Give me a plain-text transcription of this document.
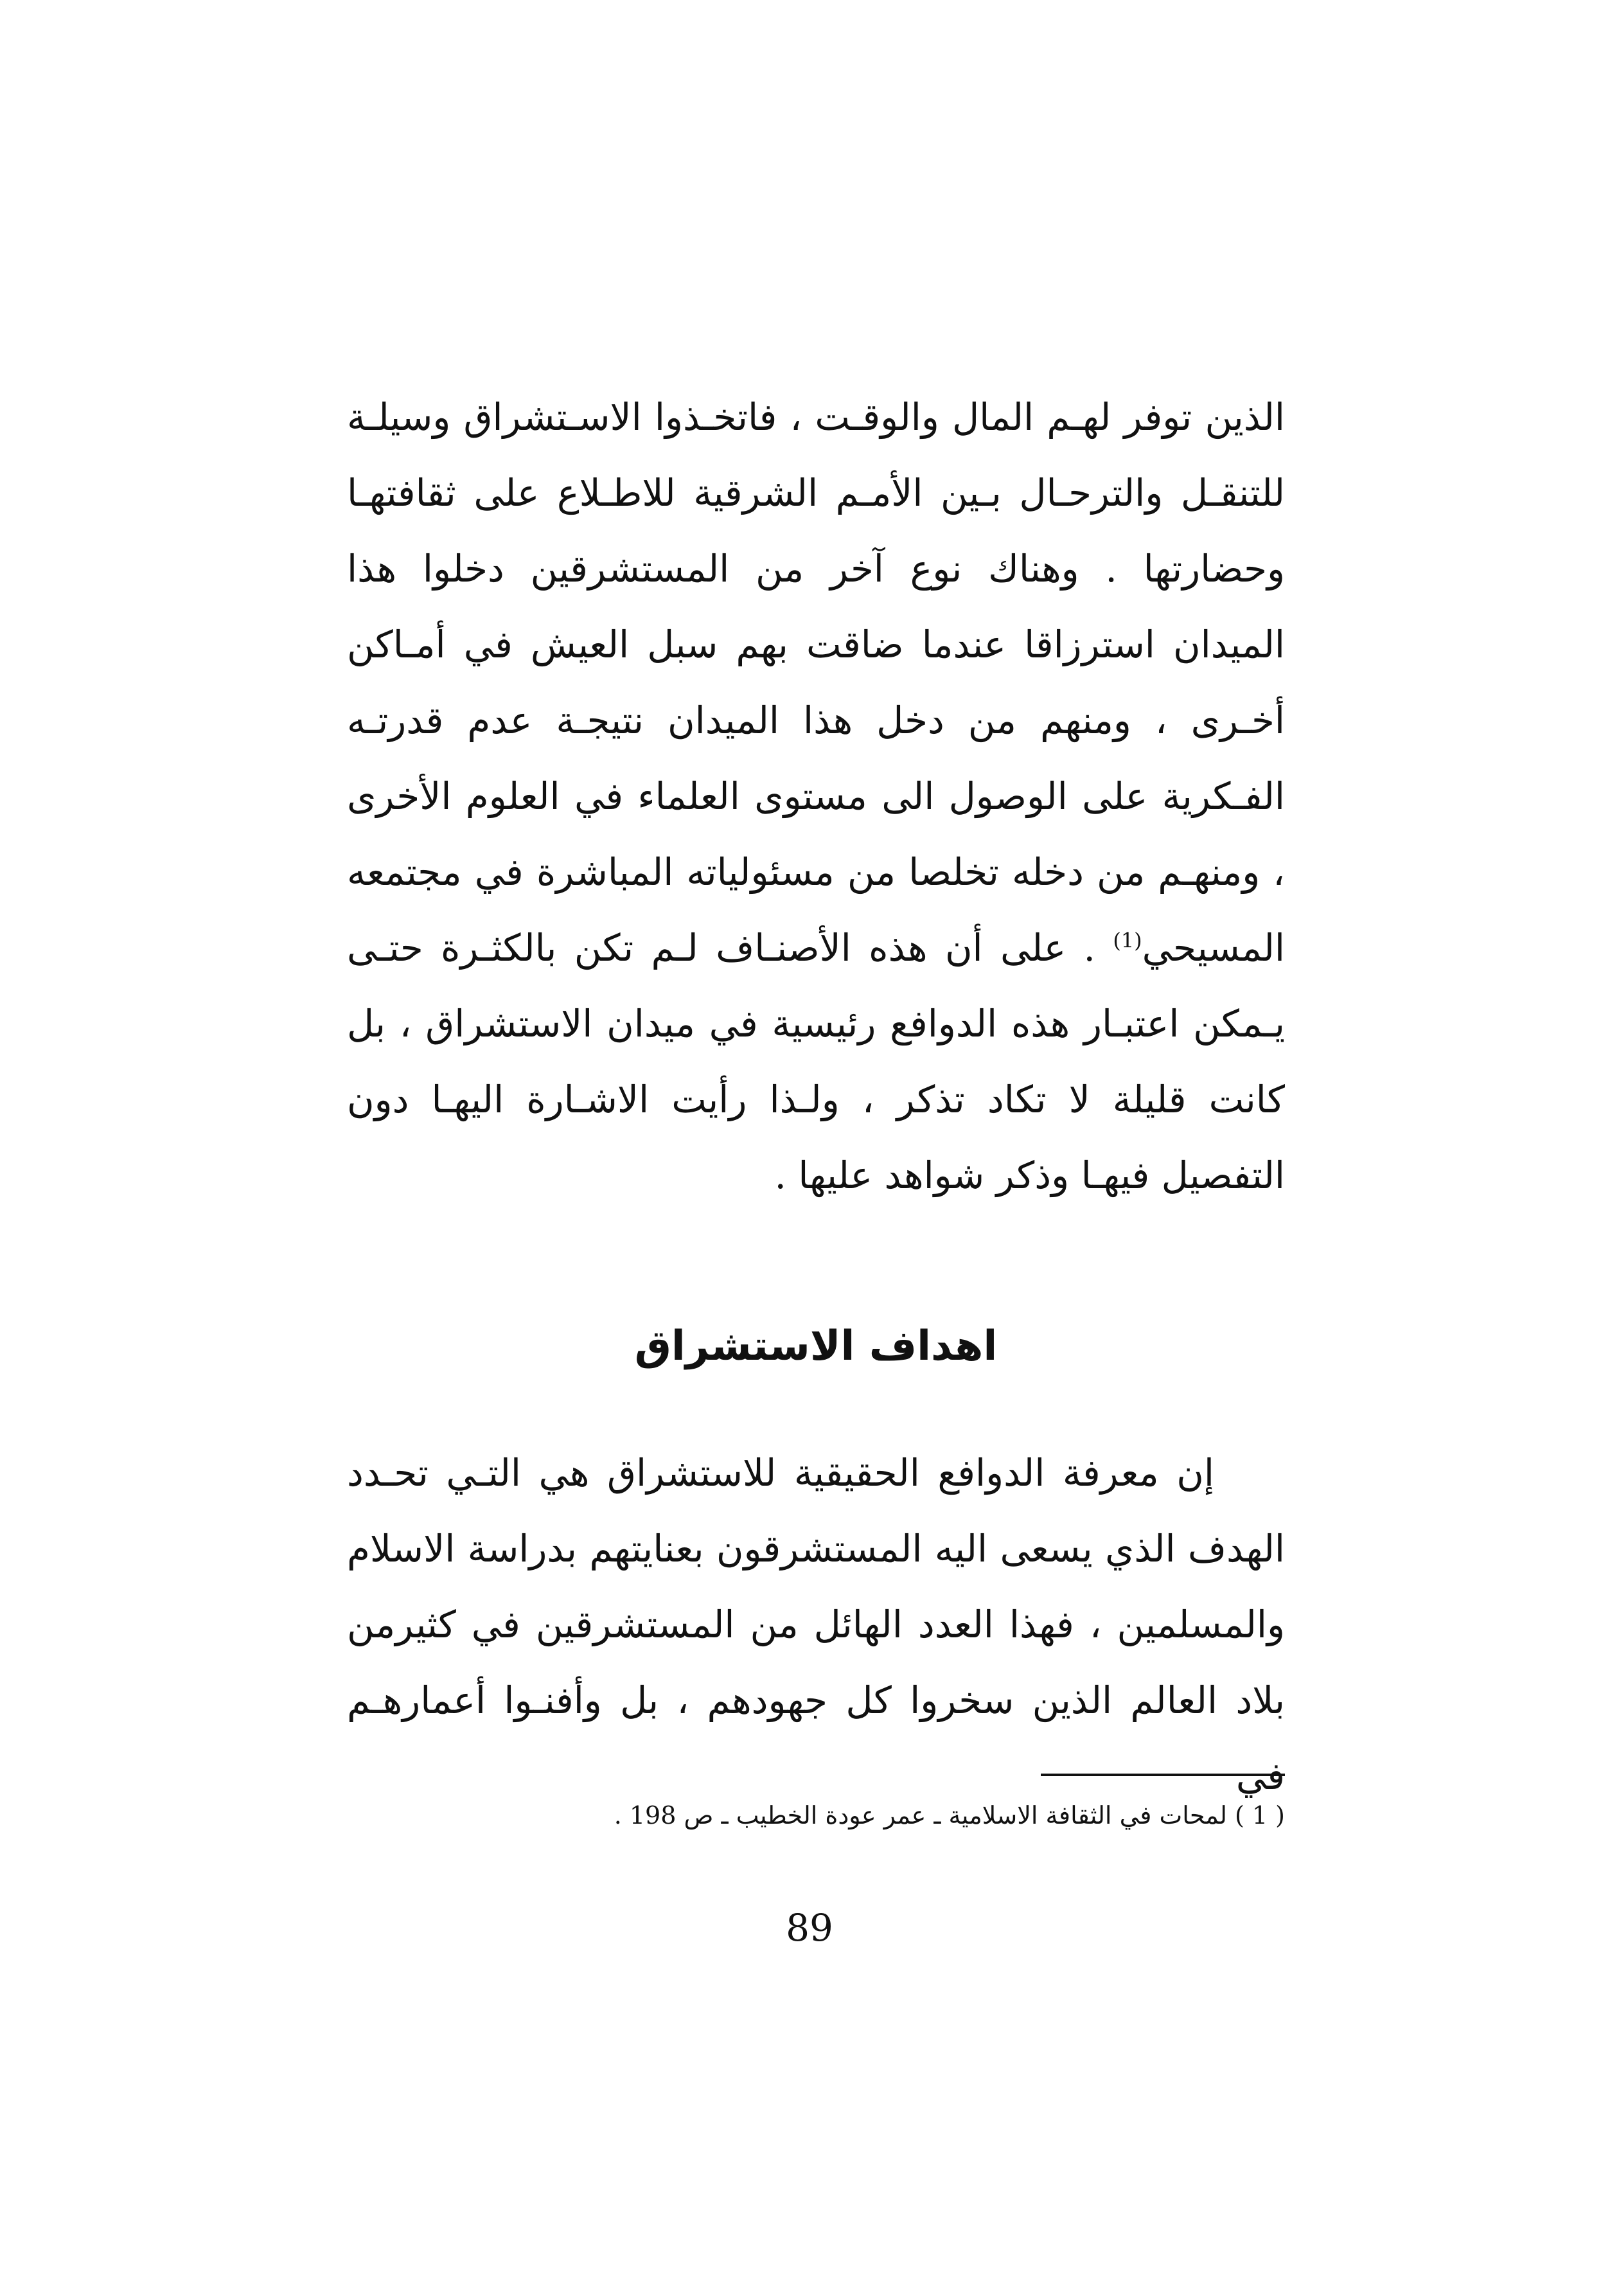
الذين توفر لهـم المال والوقـت ، فاتخـذوا الاسـتشراق وسيلـة للتنقـل والترحـال بـين الأمـم الشرقية للاطـلاع على ثقافتهـا وحضارتها . وهناك نوع آخر من المستشرقين دخلوا هذا الميدان استرزاقا عندما ضاقت بهم سبل العيش في أمـاكن أخـرى ، ومنهم من دخل هذا الميدان نتيجـة عدم قدرتـه الفـكرية على الوصول الى مستوى العلماء في العلوم الأخرى ، ومنهـم من دخله تخلصا من مسئولياته المباشرة في مجتمعه المسيحي$^{(1)}$ . على أن هذه الأصنـاف لـم تكن بالكثـرة حتـى يـمكن اعتبـار هذه الدوافع رئيسية في ميدان الاستشراق ، بل كانت قليلة لا تكاد تذكر ، ولـذا رأيت الاشـارة اليهـا دون التفصيل فيهـا وذكر شواهد عليها .

اهداف الاستشراق

إن معرفة الدوافع الحقيقية للاستشراق هي التـي تحـدد الهدف الذي يسعى اليه المستشرقون بعنايتهم بدراسة الاسلام والمسلمين ، فهذا العدد الهائل من المستشرقين في كثيرمن بلاد العالم الذين سخروا كل جهودهم ، بل وأفنـوا أعمارهـم في

( 1 ) لمحات في الثقافة الاسلامية ـ عمر عودة الخطيب ـ ص 198 .
89
